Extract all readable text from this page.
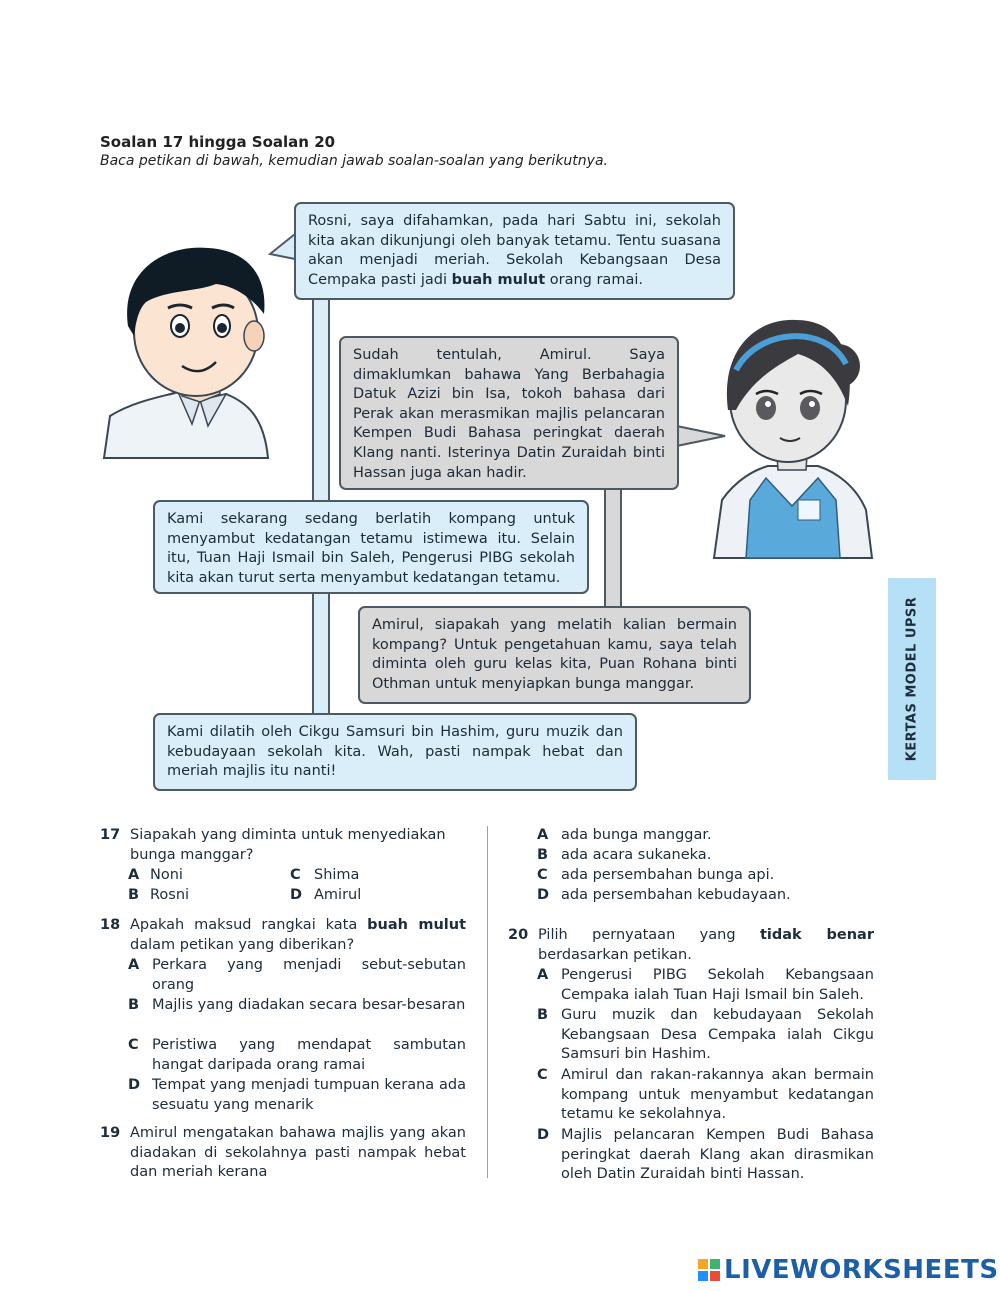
Soalan 17 hingga Soalan 20
Baca petikan di bawah, kemudian jawab soalan-soalan yang berikutnya.
Rosni, saya difahamkan, pada hari Sabtu ini, sekolah kita akan dikunjungi oleh banyak tetamu. Tentu suasana akan menjadi meriah. Sekolah Kebangsaan Desa Cempaka pasti jadi buah mulut orang ramai.
Sudah tentulah, Amirul. Saya dimaklumkan bahawa Yang Berbahagia Datuk Azizi bin Isa, tokoh bahasa dari Perak akan merasmikan majlis pelancaran Kempen Budi Bahasa peringkat daerah Klang nanti. Isterinya Datin Zuraidah binti Hassan juga akan hadir.
Kami sekarang sedang berlatih kompang untuk menyambut kedatangan tetamu istimewa itu. Selain itu, Tuan Haji Ismail bin Saleh, Pengerusi PIBG sekolah kita akan turut serta menyambut kedatangan tetamu.
Amirul, siapakah yang melatih kalian bermain kompang? Untuk pengetahuan kamu, saya telah diminta oleh guru kelas kita, Puan Rohana binti Othman untuk menyiapkan bunga manggar.
Kami dilatih oleh Cikgu Samsuri bin Hashim, guru muzik dan kebudayaan sekolah kita. Wah, pasti nampak hebat dan meriah majlis itu nanti!
KERTAS MODEL UPSR
17 Siapakah yang diminta untuk menyediakan bunga manggar?
A Noni
B Rosni
C Shima
D Amirul
18 Apakah maksud rangkai kata buah mulut dalam petikan yang diberikan?
A Perkara yang menjadi sebut-sebutan orang
B Majlis yang diadakan secara besar-besaran
C Peristiwa yang mendapat sambutan hangat daripada orang ramai
D Tempat yang menjadi tumpuan kerana ada sesuatu yang menarik
19 Amirul mengatakan bahawa majlis yang akan diadakan di sekolahnya pasti nampak hebat dan meriah kerana
A ada bunga manggar.
B ada acara sukaneka.
C ada persembahan bunga api.
D ada persembahan kebudayaan.
20 Pilih pernyataan yang tidak benar berdasarkan petikan.
A Pengerusi PIBG Sekolah Kebangsaan Cempaka ialah Tuan Haji Ismail bin Saleh.
B Guru muzik dan kebudayaan Sekolah Kebangsaan Desa Cempaka ialah Cikgu Samsuri bin Hashim.
C Amirul dan rakan-rakannya akan bermain kompang untuk menyambut kedatangan tetamu ke sekolahnya.
D Majlis pelancaran Kempen Budi Bahasa peringkat daerah Klang akan dirasmikan oleh Datin Zuraidah binti Hassan.
LIVEWORKSHEETS
